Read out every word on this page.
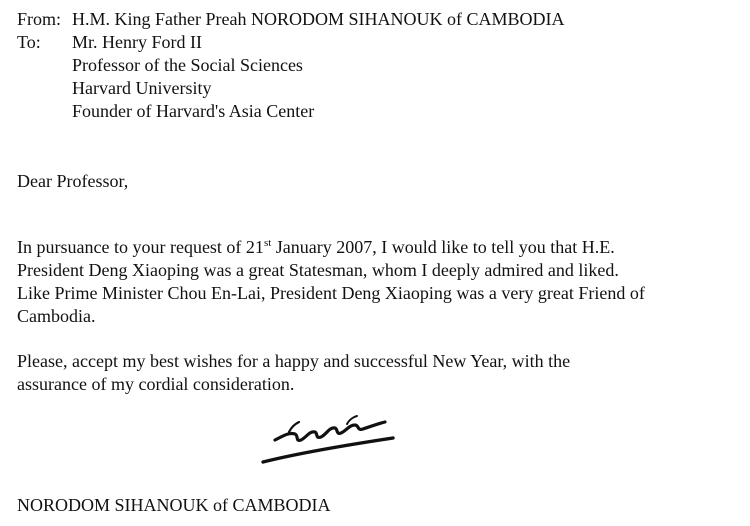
From: H.M. King Father Preah NORODOM SIHANOUK of CAMBODIA
To:	Mr. Henry Ford II
Professor of the Social Sciences
Harvard University
Founder of Harvard's Asia Center
Dear Professor,
In pursuance to your request of 21st January 2007, I would like to tell you that H.E.
President Deng Xiaoping was a great Statesman, whom I deeply admired and liked.
Like Prime Minister Chou En-Lai, President Deng Xiaoping was a very great Friend of
Cambodia.
Please, accept my best wishes for a happy and successful New Year, with the
assurance of my cordial consideration.
NORODOM SIHANOUK of CAMBODIA
